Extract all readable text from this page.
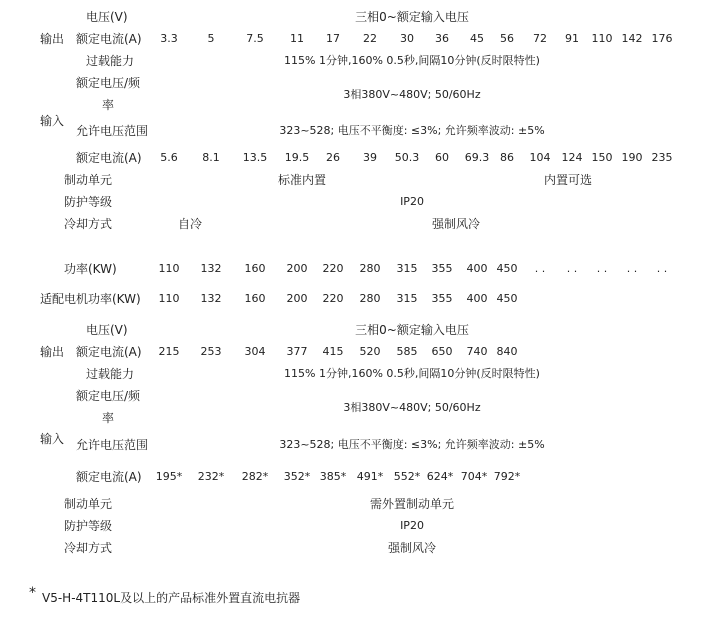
电压(V)	三相0~额定输入电压
输出 额定电流(A) 3.3	5	7.5 11 17 22 30 36 45 56 72 91 110 142 176
过载能力	115% 1分钟,160% 0.5秒,间隔10分钟(反时限特性)
额定电压/频
率
3相380V~480V; 50/60Hz
输入
允许电压范围	323~528; 电压不平衡度: ≤3%; 允许频率波动: ±5%
额定电流(A) 5.6 8.1 13.5 19.5 26 39 50.3 60 69.3 86 104 124 150 190 235
制动单元	标准内置	内置可选
防护等级	IP20
冷却方式	自冷	强制风冷
功率(KW)	110 132 160 200 220 280 315 355 400 450 . . . . . . . . . .
适配电机功率(KW) 110 132 160 200 220 280 315 355 400 450
电压(V)	三相0~额定输入电压
输出 额定电流(A) 215 253 304 377 415 520 585 650 740 840
过载能力	115% 1分钟,160% 0.5秒,间隔10分钟(反时限特性)
额定电压/频
率
3相380V~480V; 50/60Hz
输入 允许电压范围	323~528; 电压不平衡度: ≤3%; 允许频率波动: ±5%
额定电流(A) 195* 232* 282* 352* 385* 491* 552* 624* 704* 792*
制动单元	需外置制动单元
防护等级	IP20
冷却方式	强制风冷
* V5-H-4T110L及以上的产品标准外置直流电抗器
